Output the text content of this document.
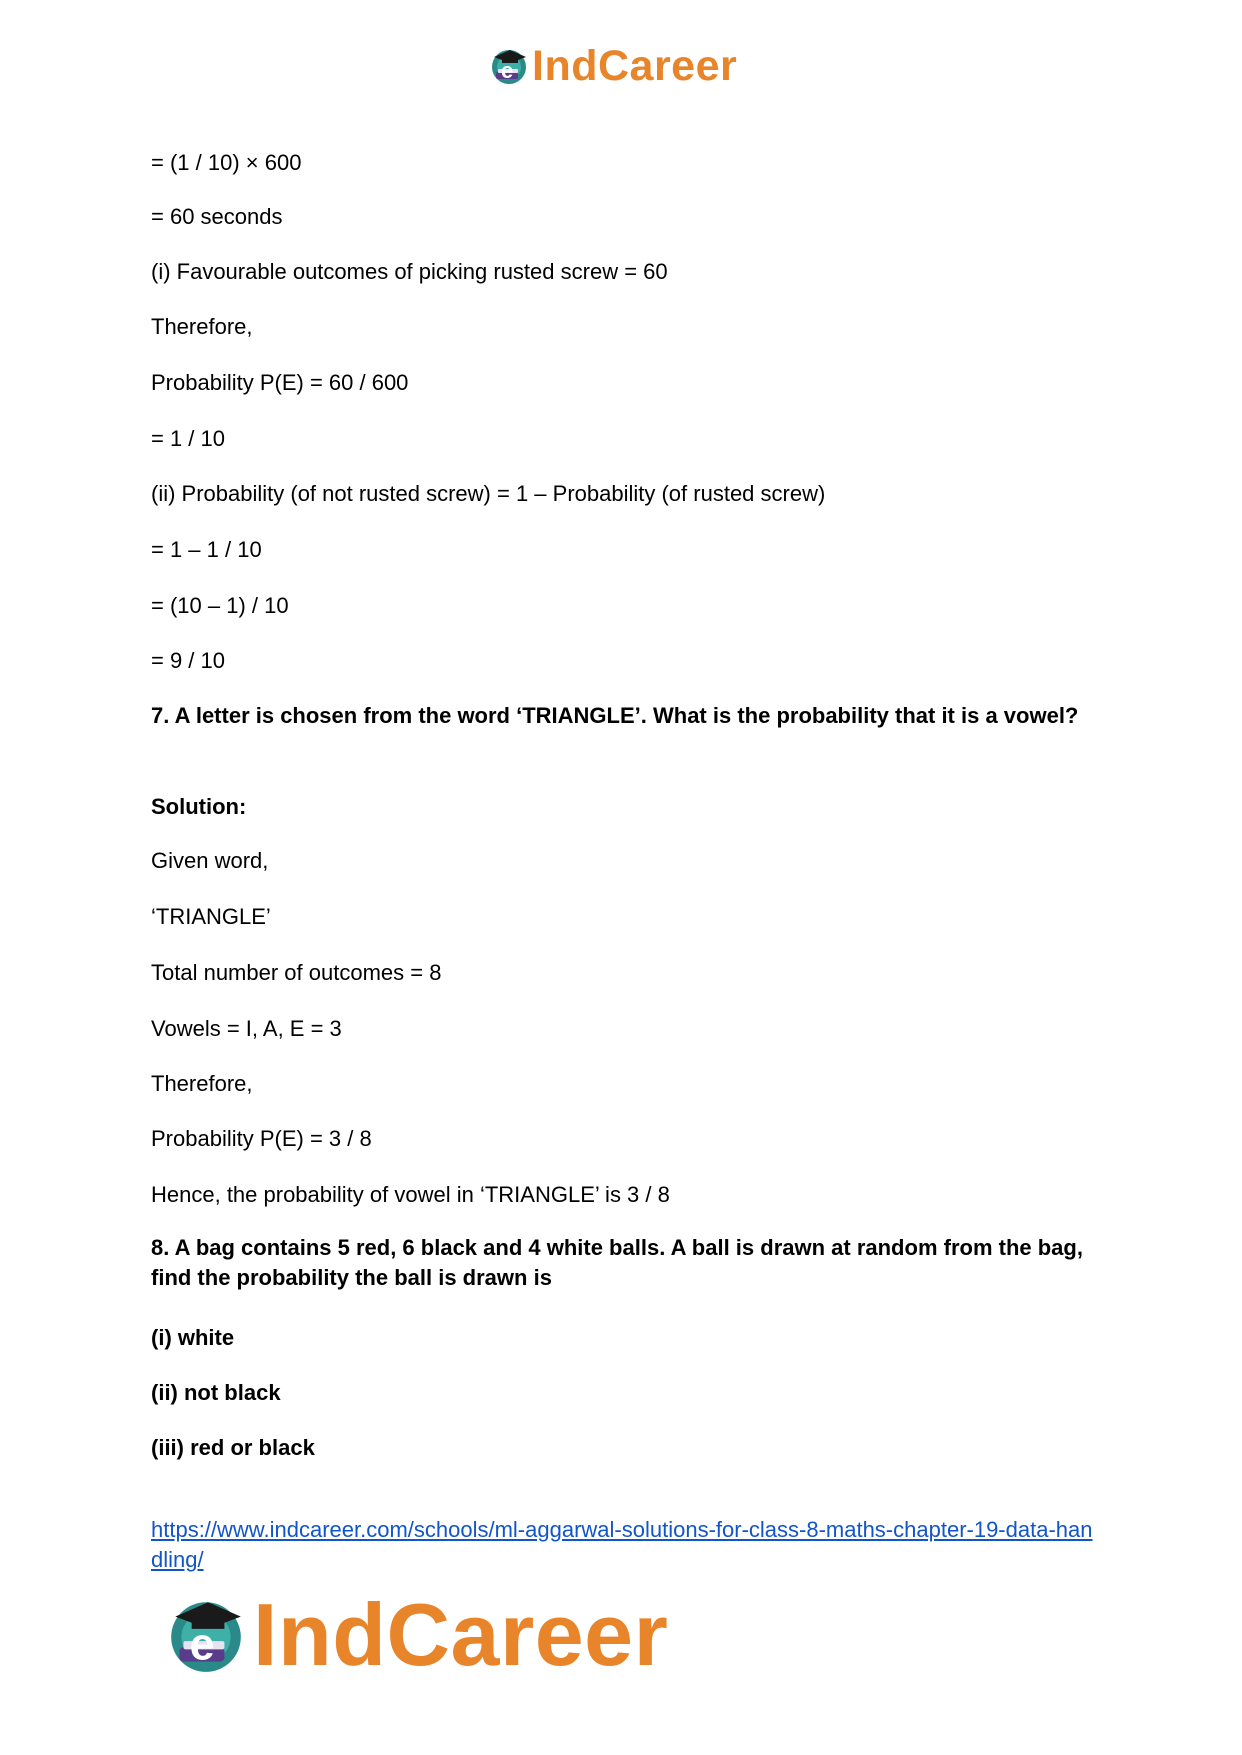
e IndCareer
= (1 / 10) × 600
= 60 seconds
(i) Favourable outcomes of picking rusted screw = 60
Therefore,
Probability P(E) = 60 / 600
= 1 / 10
(ii) Probability (of not rusted screw) = 1 – Probability (of rusted screw)
= 1 – 1 / 10
= (10 – 1) / 10
= 9 / 10
7. A letter is chosen from the word ‘TRIANGLE’. What is the probability that it is a vowel?
Solution:
Given word,
‘TRIANGLE’
Total number of outcomes = 8
Vowels = I, A, E = 3
Therefore,
Probability P(E) = 3 / 8
Hence, the probability of vowel in ‘TRIANGLE’ is 3 / 8
8. A bag contains 5 red, 6 black and 4 white balls. A ball is drawn at random from the bag, find the probability the ball is drawn is
(i) white
(ii) not black
(iii) red or black
https://www.indcareer.com/schools/ml-aggarwal-solutions-for-class-8-maths-chapter-19-data-handling/
e IndCareer
